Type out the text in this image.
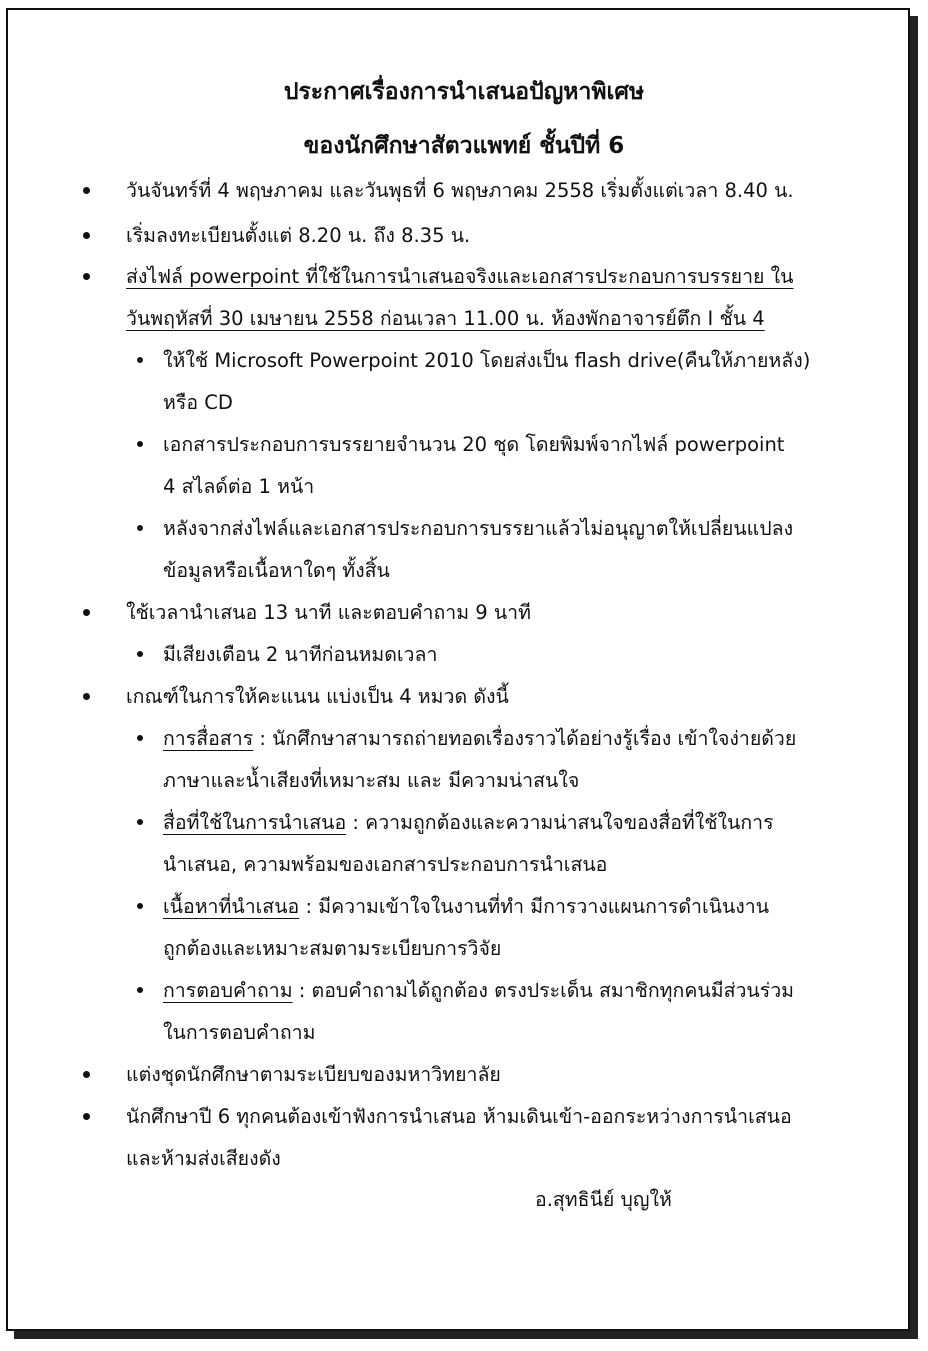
ประกาศเรื่องการนำเสนอปัญหาพิเศษ
ของนักศึกษาสัตวแพทย์ ชั้นปีที่ 6
วันจันทร์ที่ 4 พฤษภาคม และวันพุธที่ 6 พฤษภาคม 2558 เริ่มตั้งแต่เวลา 8.40 น.
เริ่มลงทะเบียนตั้งแต่ 8.20 น. ถึง 8.35 น.
ส่งไฟล์ powerpoint ที่ใช้ในการนำเสนอจริงและเอกสารประกอบการบรรยาย ใน
วันพฤหัสที่ 30 เมษายน 2558 ก่อนเวลา 11.00 น. ห้องพักอาจารย์ตึก I ชั้น 4
ให้ใช้ Microsoft Powerpoint 2010 โดยส่งเป็น flash drive(คืนให้ภายหลัง)
หรือ CD
เอกสารประกอบการบรรยายจำนวน 20 ชุด โดยพิมพ์จากไฟล์ powerpoint
4 สไลด์ต่อ 1 หน้า
หลังจากส่งไฟล์และเอกสารประกอบการบรรยาแล้วไม่อนุญาตให้เปลี่ยนแปลง
ข้อมูลหรือเนื้อหาใดๆ ทั้งสิ้น
ใช้เวลานำเสนอ 13 นาที และตอบคำถาม 9 นาที
มีเสียงเตือน 2 นาทีก่อนหมดเวลา
เกณฑ์ในการให้คะแนน แบ่งเป็น 4 หมวด ดังนี้
การสื่อสาร : นักศึกษาสามารถถ่ายทอดเรื่องราวได้อย่างรู้เรื่อง เข้าใจง่ายด้วย
ภาษาและน้ำเสียงที่เหมาะสม และ มีความน่าสนใจ
สื่อที่ใช้ในการนำเสนอ : ความถูกต้องและความน่าสนใจของสื่อที่ใช้ในการ
นำเสนอ, ความพร้อมของเอกสารประกอบการนำเสนอ
เนื้อหาที่นำเสนอ : มีความเข้าใจในงานที่ทำ มีการวางแผนการดำเนินงาน
ถูกต้องและเหมาะสมตามระเบียบการวิจัย
การตอบคำถาม : ตอบคำถามได้ถูกต้อง ตรงประเด็น สมาชิกทุกคนมีส่วนร่วม
ในการตอบคำถาม
แต่งชุดนักศึกษาตามระเบียบของมหาวิทยาลัย
นักศึกษาปี 6 ทุกคนต้องเข้าฟังการนำเสนอ ห้ามเดินเข้า-ออกระหว่างการนำเสนอ
และห้ามส่งเสียงดัง
อ.สุทธินีย์ บุญให้
